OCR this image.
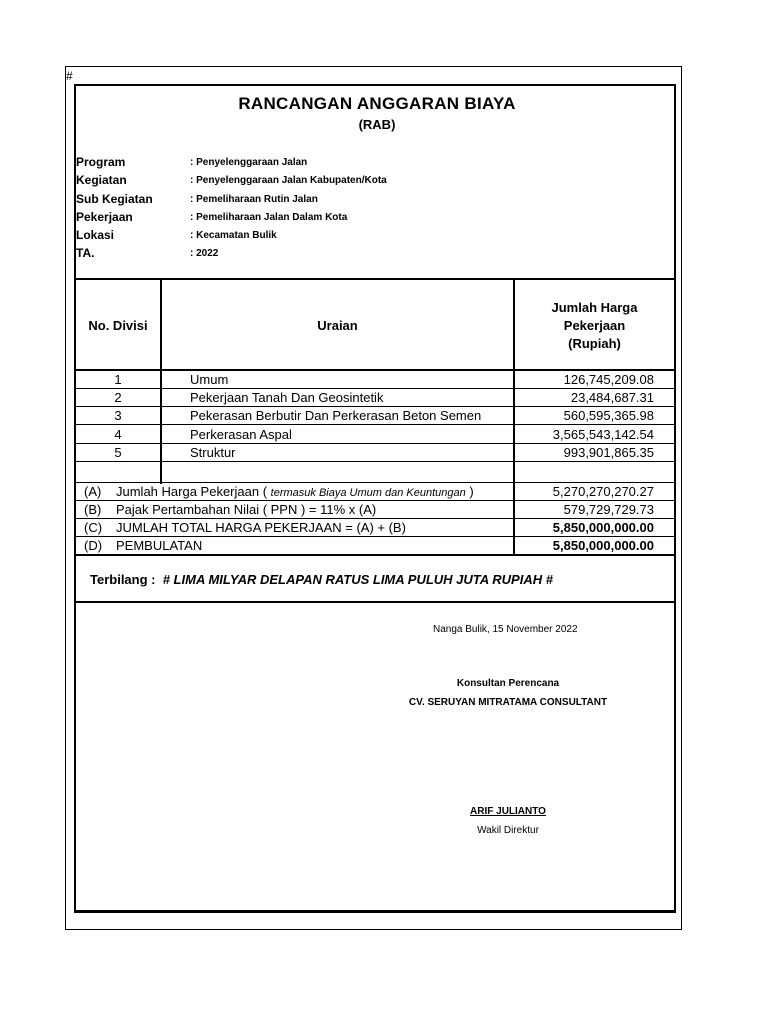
#
RANCANGAN ANGGARAN BIAYA
(RAB)
Program	: Penyelenggaraan Jalan
Kegiatan	: Penyelenggaraan Jalan Kabupaten/Kota
Sub Kegiatan	: Pemeliharaan Rutin Jalan
Pekerjaan	: Pemeliharaan Jalan Dalam Kota
Lokasi	: Kecamatan Bulik
TA.	: 2022
No. Divisi	Uraian
Jumlah Harga
Pekerjaan
(Rupiah)
1	Umum	126,745,209.08
2	Pekerjaan Tanah Dan Geosintetik	23,484,687.31
3	Pekerasan Berbutir Dan Perkerasan Beton Semen	560,595,365.98
4	Perkerasan Aspal	3,565,543,142.54
5	Struktur	993,901,865.35
(A) Jumlah Harga Pekerjaan ( termasuk Biaya Umum dan Keuntungan )	5,270,270,270.27
(B) Pajak Pertambahan Nilai ( PPN ) = 11% x (A)	579,729,729.73
(C) JUMLAH TOTAL HARGA PEKERJAAN = (A) + (B)	5,850,000,000.00
(D) PEMBULATAN	5,850,000,000.00
Terbilang : # LIMA MILYAR DELAPAN RATUS LIMA PULUH JUTA RUPIAH #
Nanga Bulik, 15 November 2022
Konsultan Perencana
CV. SERUYAN MITRATAMA CONSULTANT
ARIF JULIANTO
Wakil Direktur
